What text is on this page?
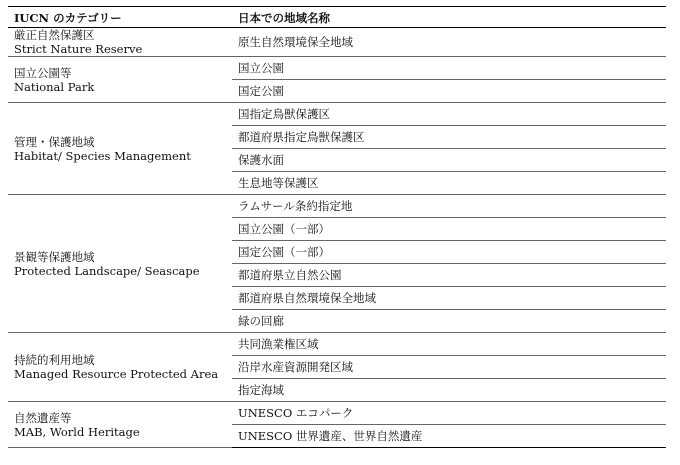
IUCN のカテゴリー	日本での地域名称

厳正自然保護区
Strict Nature Reserve	原生自然環境保全地域

国立公園等
National Park	国立公園
	国定公園

管理・保護地域
Habitat/ Species Management	国指定鳥獣保護区
	都道府県指定鳥獣保護区
	保護水面
	生息地等保護区

景観等保護地域
Protected Landscape/ Seascape	ラムサール条約指定地
	国立公園（一部）
	国定公園（一部）
	都道府県立自然公園
	都道府県自然環境保全地域
	緑の回廊

持続的利用地域
Managed Resource Protected Area	共同漁業権区域
	沿岸水産資源開発区域
	指定海域

自然遺産等
MAB, World Heritage	UNESCO エコパーク
	UNESCO 世界遺産、世界自然遺産
